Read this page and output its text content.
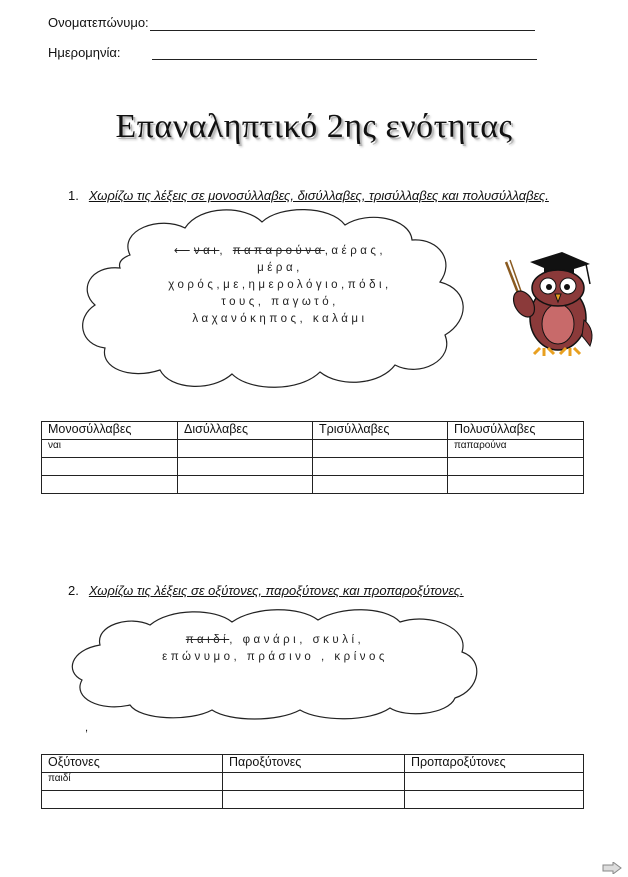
Ονοματεπώνυμο:
Ημερομηνία:
Επαναληπτικό 2ης ενότητας
1. Χωρίζω τις λέξεις σε μονοσύλλαβες, δισύλλαβες, τρισύλλαβες και πολυσύλλαβες.
⟵ναι, παπαρούνα,αέρας,
μέρα,
χορός,με,ημερολόγιο,πόδι,
τους, παγωτό,
λαχανόκηπος, καλάμι
Μονοσύλλαβες	Δισύλλαβες	Τρισύλλαβες	Πολυσύλλαβες
ναι			παπαρούνα

2. Χωρίζω τις λέξεις σε οξύτονες, παροξύτονες και προπαροξύτονες.
παιδί, φανάρι, σκυλί,
επώνυμο, πράσινο , κρίνος
,
Οξύτονες	Παροξύτονες	Προπαροξύτονες
παιδί		
